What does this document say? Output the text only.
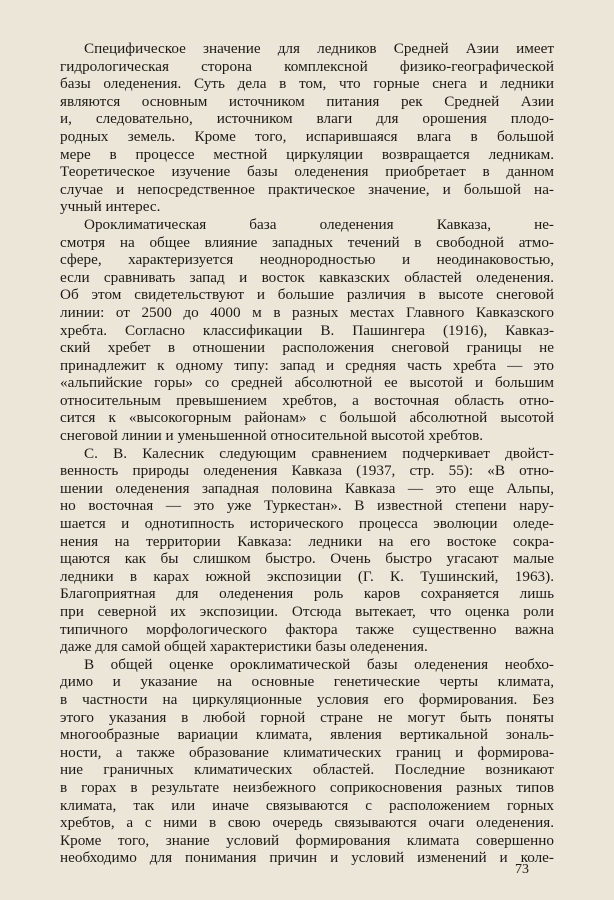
Специфическое значение для ледников Средней Азии имеет
гидрологическая сторона комплексной физико-географической
базы оледенения. Суть дела в том, что горные снега и ледники
являются основным источником питания рек Средней Азии
и, следовательно, источником влаги для орошения плодо-
родных земель. Кроме того, испарившаяся влага в большой
мере в процессе местной циркуляции возвращается ледникам.
Теоретическое изучение базы оледенения приобретает в данном
случае и непосредственное практическое значение, и большой на-
учный интерес.
Ороклиматическая база оледенения Кавказа, не-
смотря на общее влияние западных течений в свободной атмо-
сфере, характеризуется неоднородностью и неодинаковостью,
если сравнивать запад и восток кавказских областей оледенения.
Об этом свидетельствуют и большие различия в высоте снеговой
линии: от 2500 до 4000 м в разных местах Главного Кавказского
хребта. Согласно классификации В. Пашингера (1916), Кавказ-
ский хребет в отношении расположения снеговой границы не
принадлежит к одному типу: запад и средняя часть хребта — это
«альпийские горы» со средней абсолютной ее высотой и большим
относительным превышением хребтов, а восточная область отно-
сится к «высокогорным районам» с большой абсолютной высотой
снеговой линии и уменьшенной относительной высотой хребтов.
С. В. Калесник следующим сравнением подчеркивает двойст-
венность природы оледенения Кавказа (1937, стр. 55): «В отно-
шении оледенения западная половина Кавказа — это еще Альпы,
но восточная — это уже Туркестан». В известной степени нару-
шается и однотипность исторического процесса эволюции оледе-
нения на территории Кавказа: ледники на его востоке сокра-
щаются как бы слишком быстро. Очень быстро угасают малые
ледники в карах южной экспозиции (Г. К. Тушинский, 1963).
Благоприятная для оледенения роль каров сохраняется лишь
при северной их экспозиции. Отсюда вытекает, что оценка роли
типичного морфологического фактора также существенно важна
даже для самой общей характеристики базы оледенения.
В общей оценке ороклиматической базы оледенения необхо-
димо и указание на основные генетические черты климата,
в частности на циркуляционные условия его формирования. Без
этого указания в любой горной стране не могут быть поняты
многообразные вариации климата, явления вертикальной зональ-
ности, а также образование климатических границ и формирова-
ние граничных климатических областей. Последние возникают
в горах в результате неизбежного соприкосновения разных типов
климата, так или иначе связываются с расположением горных
хребтов, а с ними в свою очередь связываются очаги оледенения.
Кроме того, знание условий формирования климата совершенно
необходимо для понимания причин и условий изменений и коле-
73
